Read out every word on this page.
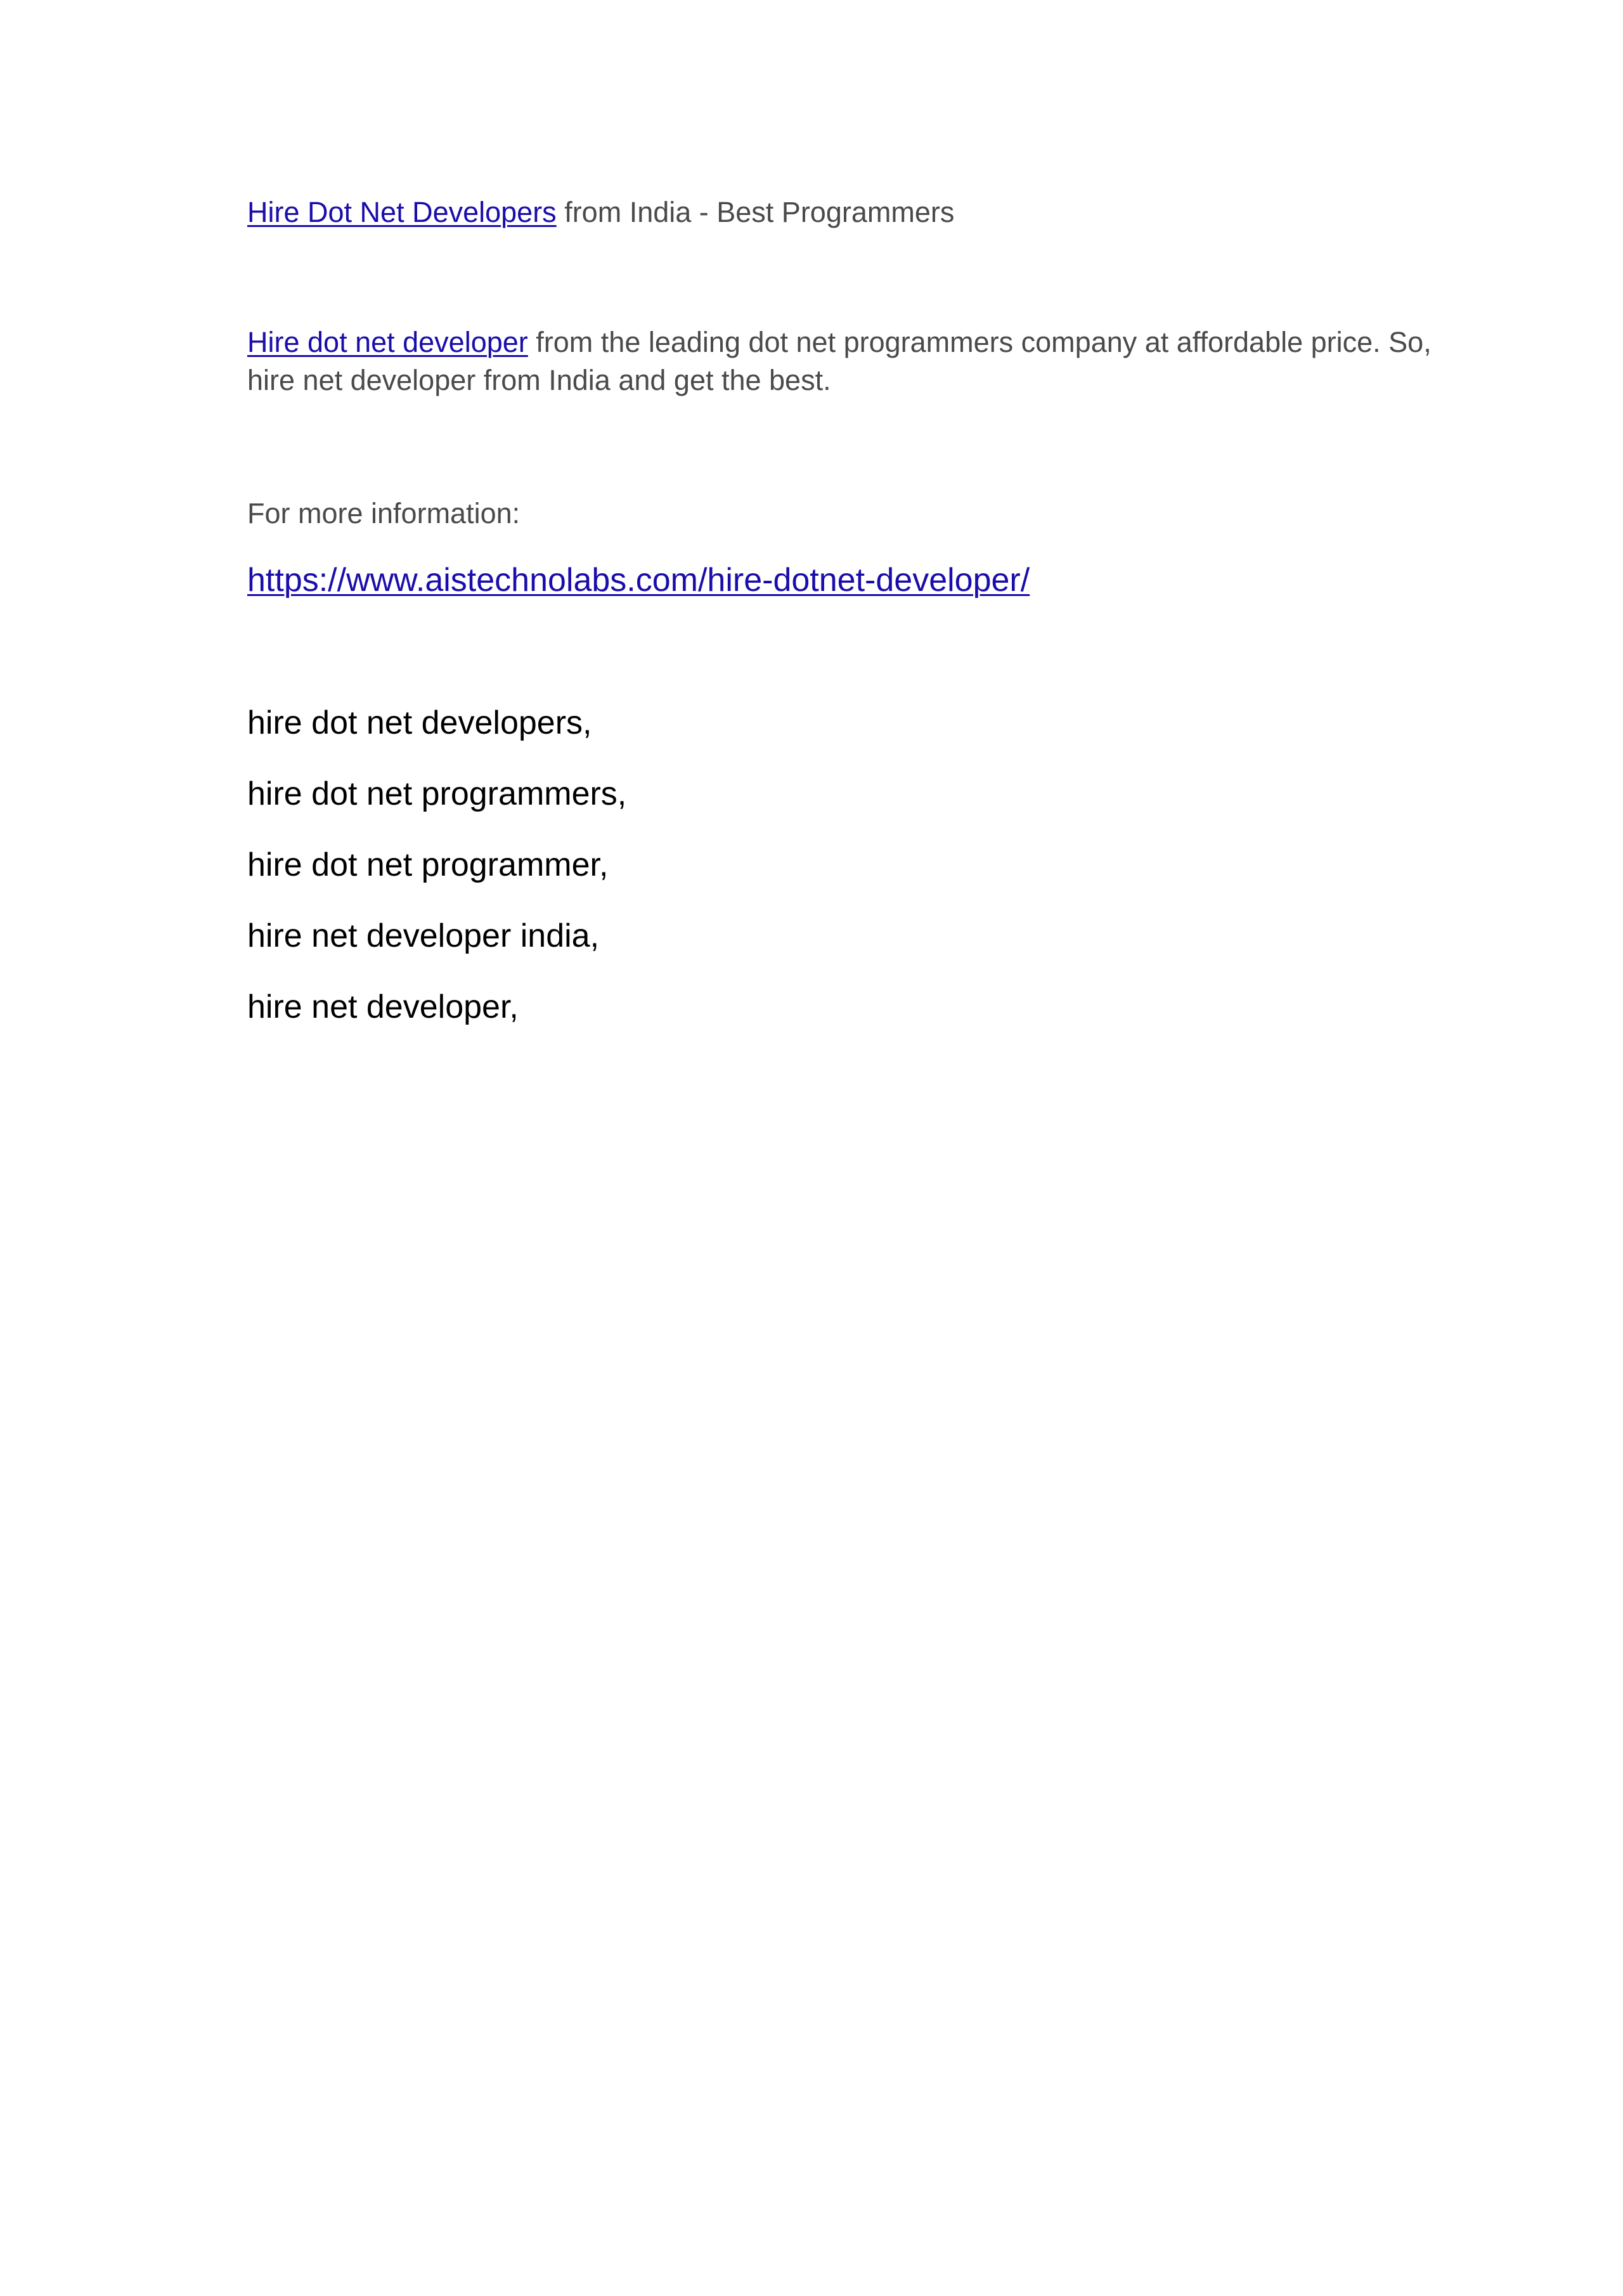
Hire Dot Net Developers from India - Best Programmers
Hire dot net developer from the leading dot net programmers company at affordable price. So, hire net developer from India and get the best.
For more information:
https://www.aistechnolabs.com/hire-dotnet-developer/
hire dot net developers,
hire dot net programmers,
hire dot net programmer,
hire net developer india,
hire net developer,
